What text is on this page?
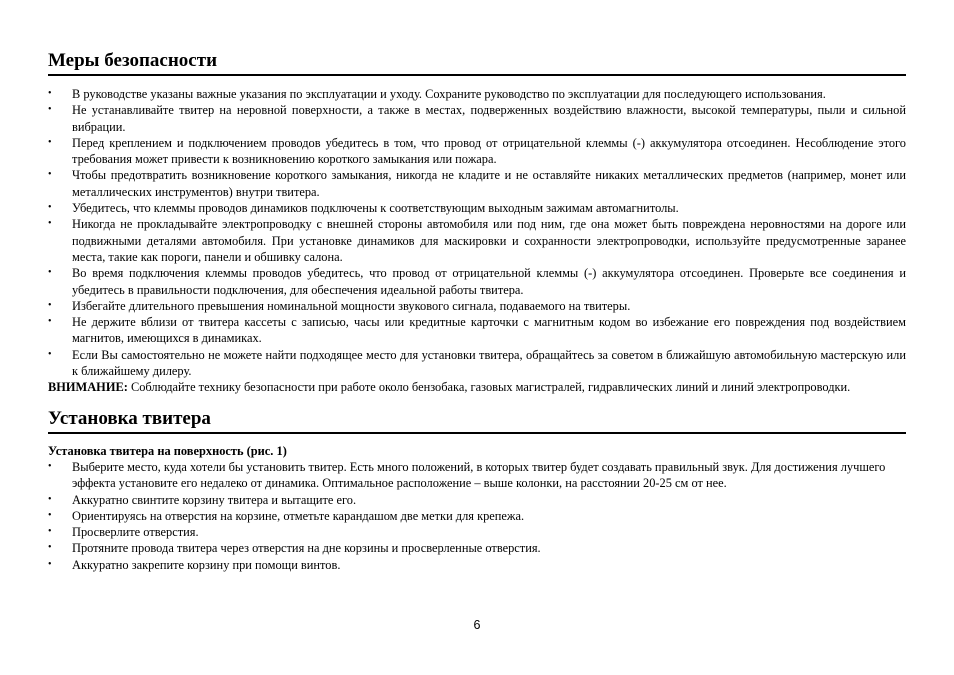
Меры безопасности
• В руководстве указаны важные указания по эксплуатации и уходу. Сохраните руководство по эксплуатации для последующего использования.
• Не устанавливайте твитер на неровной поверхности, а также в местах, подверженных воздействию влажности, высокой температуры, пыли и сильной вибрации.
• Перед креплением и подключением проводов убедитесь в том, что провод от отрицательной клеммы (-) аккумулятора отсоединен. Несоблюдение этого требования может привести к возникновению короткого замыкания или пожара.
• Чтобы предотвратить возникновение короткого замыкания, никогда не кладите и не оставляйте никаких металлических предметов (например, монет или металлических инструментов) внутри твитера.
• Убедитесь, что клеммы проводов динамиков подключены к соответствующим выходным зажимам автомагнитолы.
• Никогда не прокладывайте электропроводку с внешней стороны автомобиля или под ним, где она может быть повреждена неровностями на дороге или подвижными деталями автомобиля. При установке динамиков для маскировки и сохранности электропроводки, используйте предусмотренные заранее места, такие как пороги, панели и обшивку салона.
• Во время подключения клеммы проводов убедитесь, что провод от отрицательной клеммы (-) аккумулятора отсоединен. Проверьте все соединения и убедитесь в правильности подключения, для обеспечения идеальной работы твитера.
• Избегайте длительного превышения номинальной мощности звукового сигнала, подаваемого на твитеры.
• Не держите вблизи от твитера кассеты с записью, часы или кредитные карточки с магнитным кодом во избежание его повреждения под воздействием магнитов, имеющихся в динамиках.
• Если Вы самостоятельно не можете найти подходящее место для установки твитера, обращайтесь за советом в ближайшую автомобильную мастерскую или к ближайшему дилеру.

ВНИМАНИЕ: Соблюдайте технику безопасности при работе около бензобака, газовых магистралей, гидравлических линий и линий электропроводки.

Установка твитера

Установка твитера на поверхность (рис. 1)

• Выберите место, куда хотели бы установить твитер. Есть много положений, в которых твитер будет создавать правильный звук. Для достижения лучшего эффекта установите его недалеко от динамика. Оптимальное расположение – выше колонки, на расстоянии 20-25 см от нее.
• Аккуратно свинтите корзину твитера и вытащите его.
• Ориентируясь на отверстия на корзине, отметьте карандашом две метки для крепежа.
• Просверлите отверстия.
• Протяните провода твитера через отверстия на дне корзины и просверленные отверстия.
• Аккуратно закрепите корзину при помощи винтов.
6
